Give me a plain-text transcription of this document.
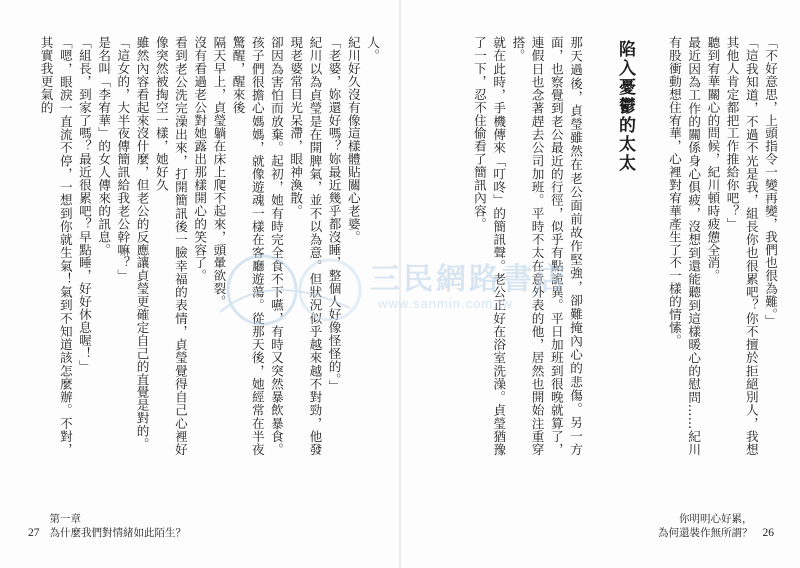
人。
紀川好久沒有像這樣體貼關心老婆。
「老婆，妳還好嗎？妳最近幾乎都沒睡，整個人好像怪怪的。」
紀川以為貞瑩是在開脾氣，並不以為意。但狀況似乎越來越不對勁，他發現老婆常目光呆滯，眼神渙散。
卻因為害怕而放棄。起初，她有時完全食不下嚥，有時又突然暴飲暴食。孩子們很擔心媽媽，就像遊魂一樣在客廳遊蕩。從那天後，她經常在半夜驚醒，醒來後
隔天早上，貞瑩躺在床上爬不起來，頭暈欲裂。
沒有看過老公對她露出那樣開心的笑容了。
看到老公洗完澡出來，打開簡訊後一臉幸福的表情，貞瑩覺得自己心裡好像突然被掏空一樣，她好久
雖然內容看起來沒什麼，但老公的反應讓貞瑩更確定自己的直覺是對的。
「這女的，大半夜傳簡訊給我老公幹嘛？」
是名叫「李宥華」的女人傳來的訊息。
「組長，到家了嗎？最近很累吧？早點睡，好好休息喔！」
「嗯，眼淚一直流不停，一想到你就生氣！氣到不知道該怎麼辦。不對，其實我更氣的
27
第一章
為什麼我們對情緒如此陌生？
「不好意思，上頭指令一變再變，我們也很為難。」
「這我知道，不過不光是我，組長你也很累吧？你不擅於拒絕別人，我想其他人肯定都把工作推給你吧？」
聽到宥華關心的問候，紀川頓時疲憊全消。
最近因為工作的關係身心俱疲，沒想到還能聽到這樣暖心的慰問……紀川有股衝動想住宥華，心裡對宥華產生了不一樣的情愫。
陷入憂鬱的太太
那天過後，貞瑩雖然在老公面前故作堅強，卻難掩內心的悲傷。另一方面，也察覺到老公最近的行徑，似乎有點詭異。平日加班到很晚就算了，連假日也念著趕去公司加班。平時不太在意外表的他，居然也開始注重穿搭。
就在此時，手機傳來「叮咚」的簡訊聲。老公正好在浴室洗澡。貞瑩猶豫了一下，忍不住偷看了簡訊內容。
你明明心好累，
為何還裝作無所謂？ 26
三民網路書店
www.sanmin.com.tw
